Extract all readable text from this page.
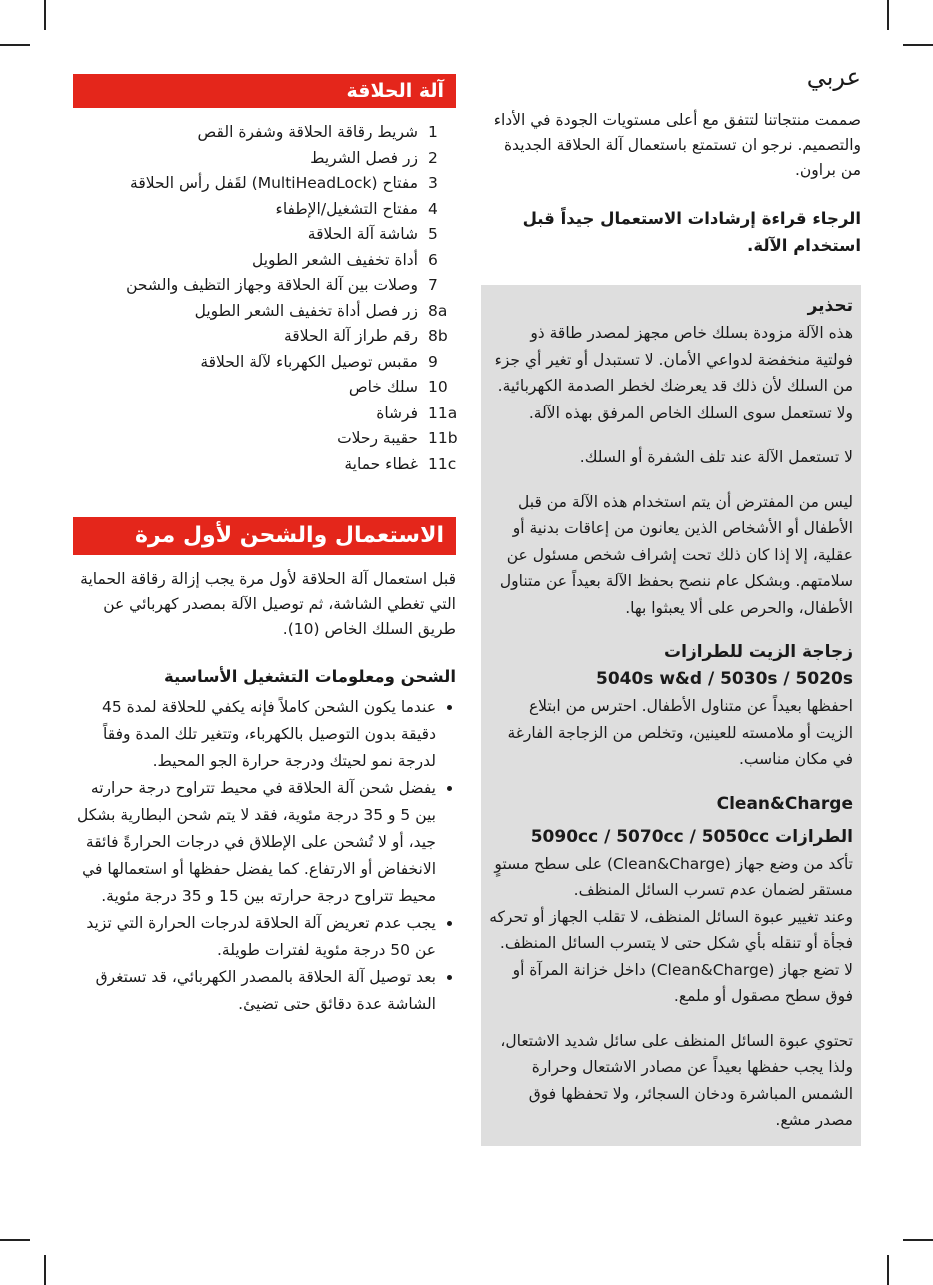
آلة الحلاقة
1
شريط رقاقة الحلاقة وشفرة القص
2
زر فصل الشريط
3
مفتاح (MultiHeadLock) لقَفل رأس الحلاقة
4
مفتاح التشغيل/الإطفاء
5
شاشة آلة الحلاقة
6
أداة تخفيف الشعر الطويل
7
وصلات بين آلة الحلاقة وجهاز التظيف والشحن
8a
زر فصل أداة تخفيف الشعر الطويل
8b
رقم طراز آلة الحلاقة
9
مقبس توصيل الكهرباء لآلة الحلاقة
10
سلك خاص
11a
فرشاة
11b
حقيبة رحلات
11c
غطاء حماية
الاستعمال والشحن لأول مرة

قبل استعمال آلة الحلاقة لأول مرة يجب إزالة رقاقة الحماية التي تغطي الشاشة، ثم توصيل الآلة بمصدر كهربائي عن طريق السلك الخاص (10).

الشحن ومعلومات التشغيل الأساسية
• عندما يكون الشحن كاملاً فإنه يكفي للحلاقة لمدة 45 دقيقة بدون التوصيل بالكهرباء، وتتغير تلك المدة وفقاً لدرجة نمو لحيتك ودرجة حرارة الجو المحيط.
• يفضل شحن آلة الحلاقة في محيط تتراوح درجة حرارته بين 5 و 35 درجة مئوية، فقد لا يتم شحن البطارية بشكل جيد، أو لا تُشحن على الإطلاق في درجات الحرارةً فائقة الانخفاض أو الارتفاع. كما يفضل حفظها أو استعمالها في محيط تتراوح درجة حرارته بين 15 و 35 درجة مئوية.
• يجب عدم تعريض آلة الحلاقة لدرجات الحرارة التي تزيد عن 50 درجة مئوية لفترات طويلة.
• بعد توصيل آلة الحلاقة بالمصدر الكهربائي، قد تستغرق الشاشة عدة دقائق حتى تضيئ.
عربي

صممت منتجاتنا لتتفق مع أعلى مستويات الجودة في الأداء والتصميم. نرجو ان تستمتع باستعمال آلة الحلاقة الجديدة من براون.

الرجاء قراءة إرشادات الاستعمال جيداً قبل استخدام الآلة.

تحذير

هذه الآلة مزودة بسلك خاص مجهز لمصدر طاقة ذو فولتية منخفضة لدواعي الأمان. لا تستبدل أو تغير أي جزء من السلك لأن ذلك قد يعرضك لخطر الصدمة الكهربائية. ولا تستعمل سوى السلك الخاص المرفق بهذه الآلة.

لا تستعمل الآلة عند تلف الشفرة أو السلك.

ليس من المفترض أن يتم استخدام هذه الآلة من قبل الأطفال أو الأشخاص الذين يعانون من إعاقات بدنية أو عقلية، إلا إذا كان ذلك تحت إشراف شخص مسئول عن سلامتهم. وبشكل عام ننصح بحفظ الآلة بعيداً عن متناول الأطفال، والحرص على ألا يعبثوا بها.

زجاجة الزيت للطرازات
5040s w&d / 5030s / 5020s

احفظها بعيداً عن متناول الأطفال. احترس من ابتلاع الزيت أو ملامسته للعينين، وتخلص من الزجاجة الفارغة في مكان مناسب.

Clean&Charge
الطرازات 5090cc / 5070cc / 5050cc

تأكد من وضع جهاز (Clean&Charge) على سطح مستوٍ مستقر لضمان عدم تسرب السائل المنظف.

وعند تغيير عبوة السائل المنظف، لا تقلب الجهاز أو تحركه فجأة أو تنقله بأي شكل حتى لا يتسرب السائل المنظف. لا تضع جهاز (Clean&Charge) داخل خزانة المرآة أو فوق سطح مصقول أو ملمع.

تحتوي عبوة السائل المنظف على سائل شديد الاشتعال، ولذا يجب حفظها بعيداً عن مصادر الاشتعال وحرارة الشمس المباشرة ودخان السجائر، ولا تحفظها فوق مصدر مشع.
